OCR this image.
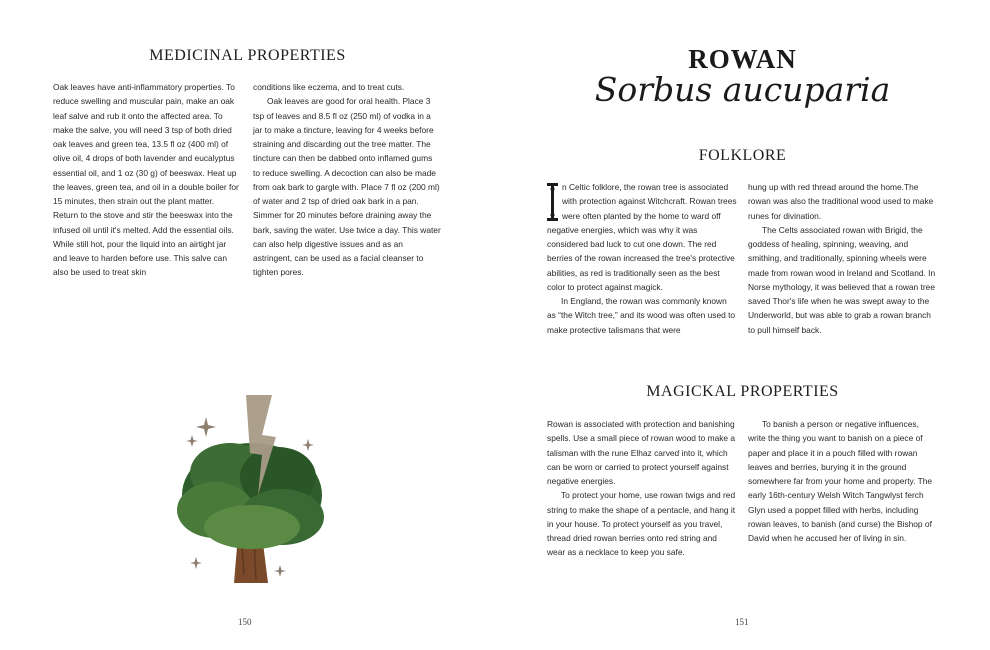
MEDICINAL PROPERTIES

Oak leaves have anti-inflammatory properties. To reduce swelling and muscular pain, make an oak leaf salve and rub it onto the affected area. To make the salve, you will need 3 tsp of both dried oak leaves and green tea, 13.5 fl oz (400 ml) of olive oil, 4 drops of both lavender and eucalyptus essential oil, and 1 oz (30 g) of beeswax. Heat up the leaves, green tea, and oil in a double boiler for 15 minutes, then strain out the plant matter. Return to the stove and stir the beeswax into the infused oil until it's melted. Add the essential oils. While still hot, pour the liquid into an airtight jar and leave to harden before use. This salve can also be used to treat skin

conditions like eczema, and to treat cuts.

Oak leaves are good for oral health. Place 3 tsp of leaves and 8.5 fl oz (250 ml) of vodka in a jar to make a tincture, leaving for 4 weeks before straining and discarding out the tree matter. The tincture can then be dabbed onto inflamed gums to reduce swelling. A decoction can also be made from oak bark to gargle with. Place 7 fl oz (200 ml) of water and 2 tsp of dried oak bark in a pan. Simmer for 20 minutes before draining away the bark, saving the water. Use twice a day. This water can also help digestive issues and as an astringent, can be used as a facial cleanser to tighten pores.

150
ROWAN
Sorbus aucuparia
FOLKLORE

n Celtic folklore, the rowan tree is associated with protection against Witchcraft. Rowan trees were often planted by the home to ward off negative energies, which was why it was considered bad luck to cut one down. The red berries of the rowan increased the tree's protective abilities, as red is traditionally seen as the best color to protect against magick.

In England, the rowan was commonly known as “the Witch tree,” and its wood was often used to make protective talismans that were

hung up with red thread around the home.The rowan was also the traditional wood used to make runes for divination.

The Celts associated rowan with Brigid, the goddess of healing, spinning, weaving, and smithing, and traditionally, spinning wheels were made from rowan wood in Ireland and Scotland. In Norse mythology, it was believed that a rowan tree saved Thor's life when he was swept away to the Underworld, but was able to grab a rowan branch to pull himself back.

MAGICKAL PROPERTIES

Rowan is associated with protection and banishing spells. Use a small piece of rowan wood to make a talisman with the rune Elhaz carved into it, which can be worn or carried to protect yourself against negative energies.

To protect your home, use rowan twigs and red string to make the shape of a pentacle, and hang it in your house. To protect yourself as you travel, thread dried rowan berries onto red string and wear as a necklace to keep you safe.

To banish a person or negative influences, write the thing you want to banish on a piece of paper and place it in a pouch filled with rowan leaves and berries, burying it in the ground somewhere far from your home and property. The early 16th-century Welsh Witch Tangwlyst ferch Glyn used a poppet filled with herbs, including rowan leaves, to banish (and curse) the Bishop of David when he accused her of living in sin.

151
